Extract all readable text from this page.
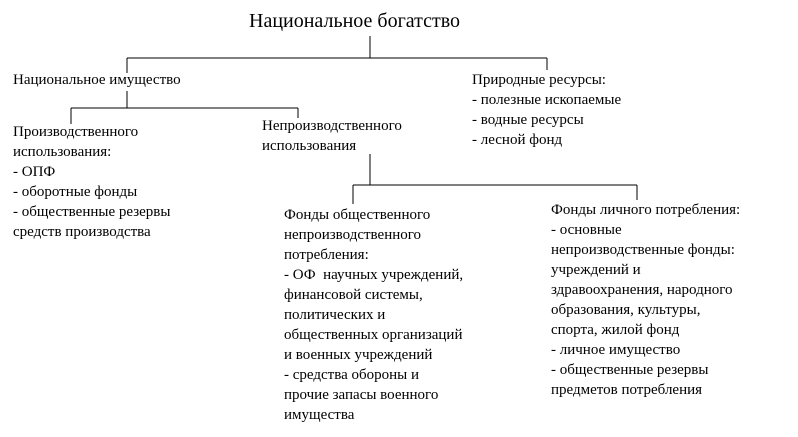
Национальное богатство
Национальное имущество	Природные ресурсы:
- полезные ископаемые
- водные ресурсы
- лесной фонд
Производственного
использования:
- ОПФ
- оборотные фонды
- общественные резервы
средств производства
Непроизводственного
использования
Фонды общественного
непроизводственного
потребления:
- ОФ  научных учреждений,
финансовой системы,
политических и
общественных организаций
и военных учреждений
- средства обороны и
прочие запасы военного
имущества
Фонды личного потребления:
- основные
непроизводственные фонды:
учреждений и
здравоохранения, народного
образования, культуры,
спорта, жилой фонд
- личное имущество
- общественные резервы
предметов потребления
